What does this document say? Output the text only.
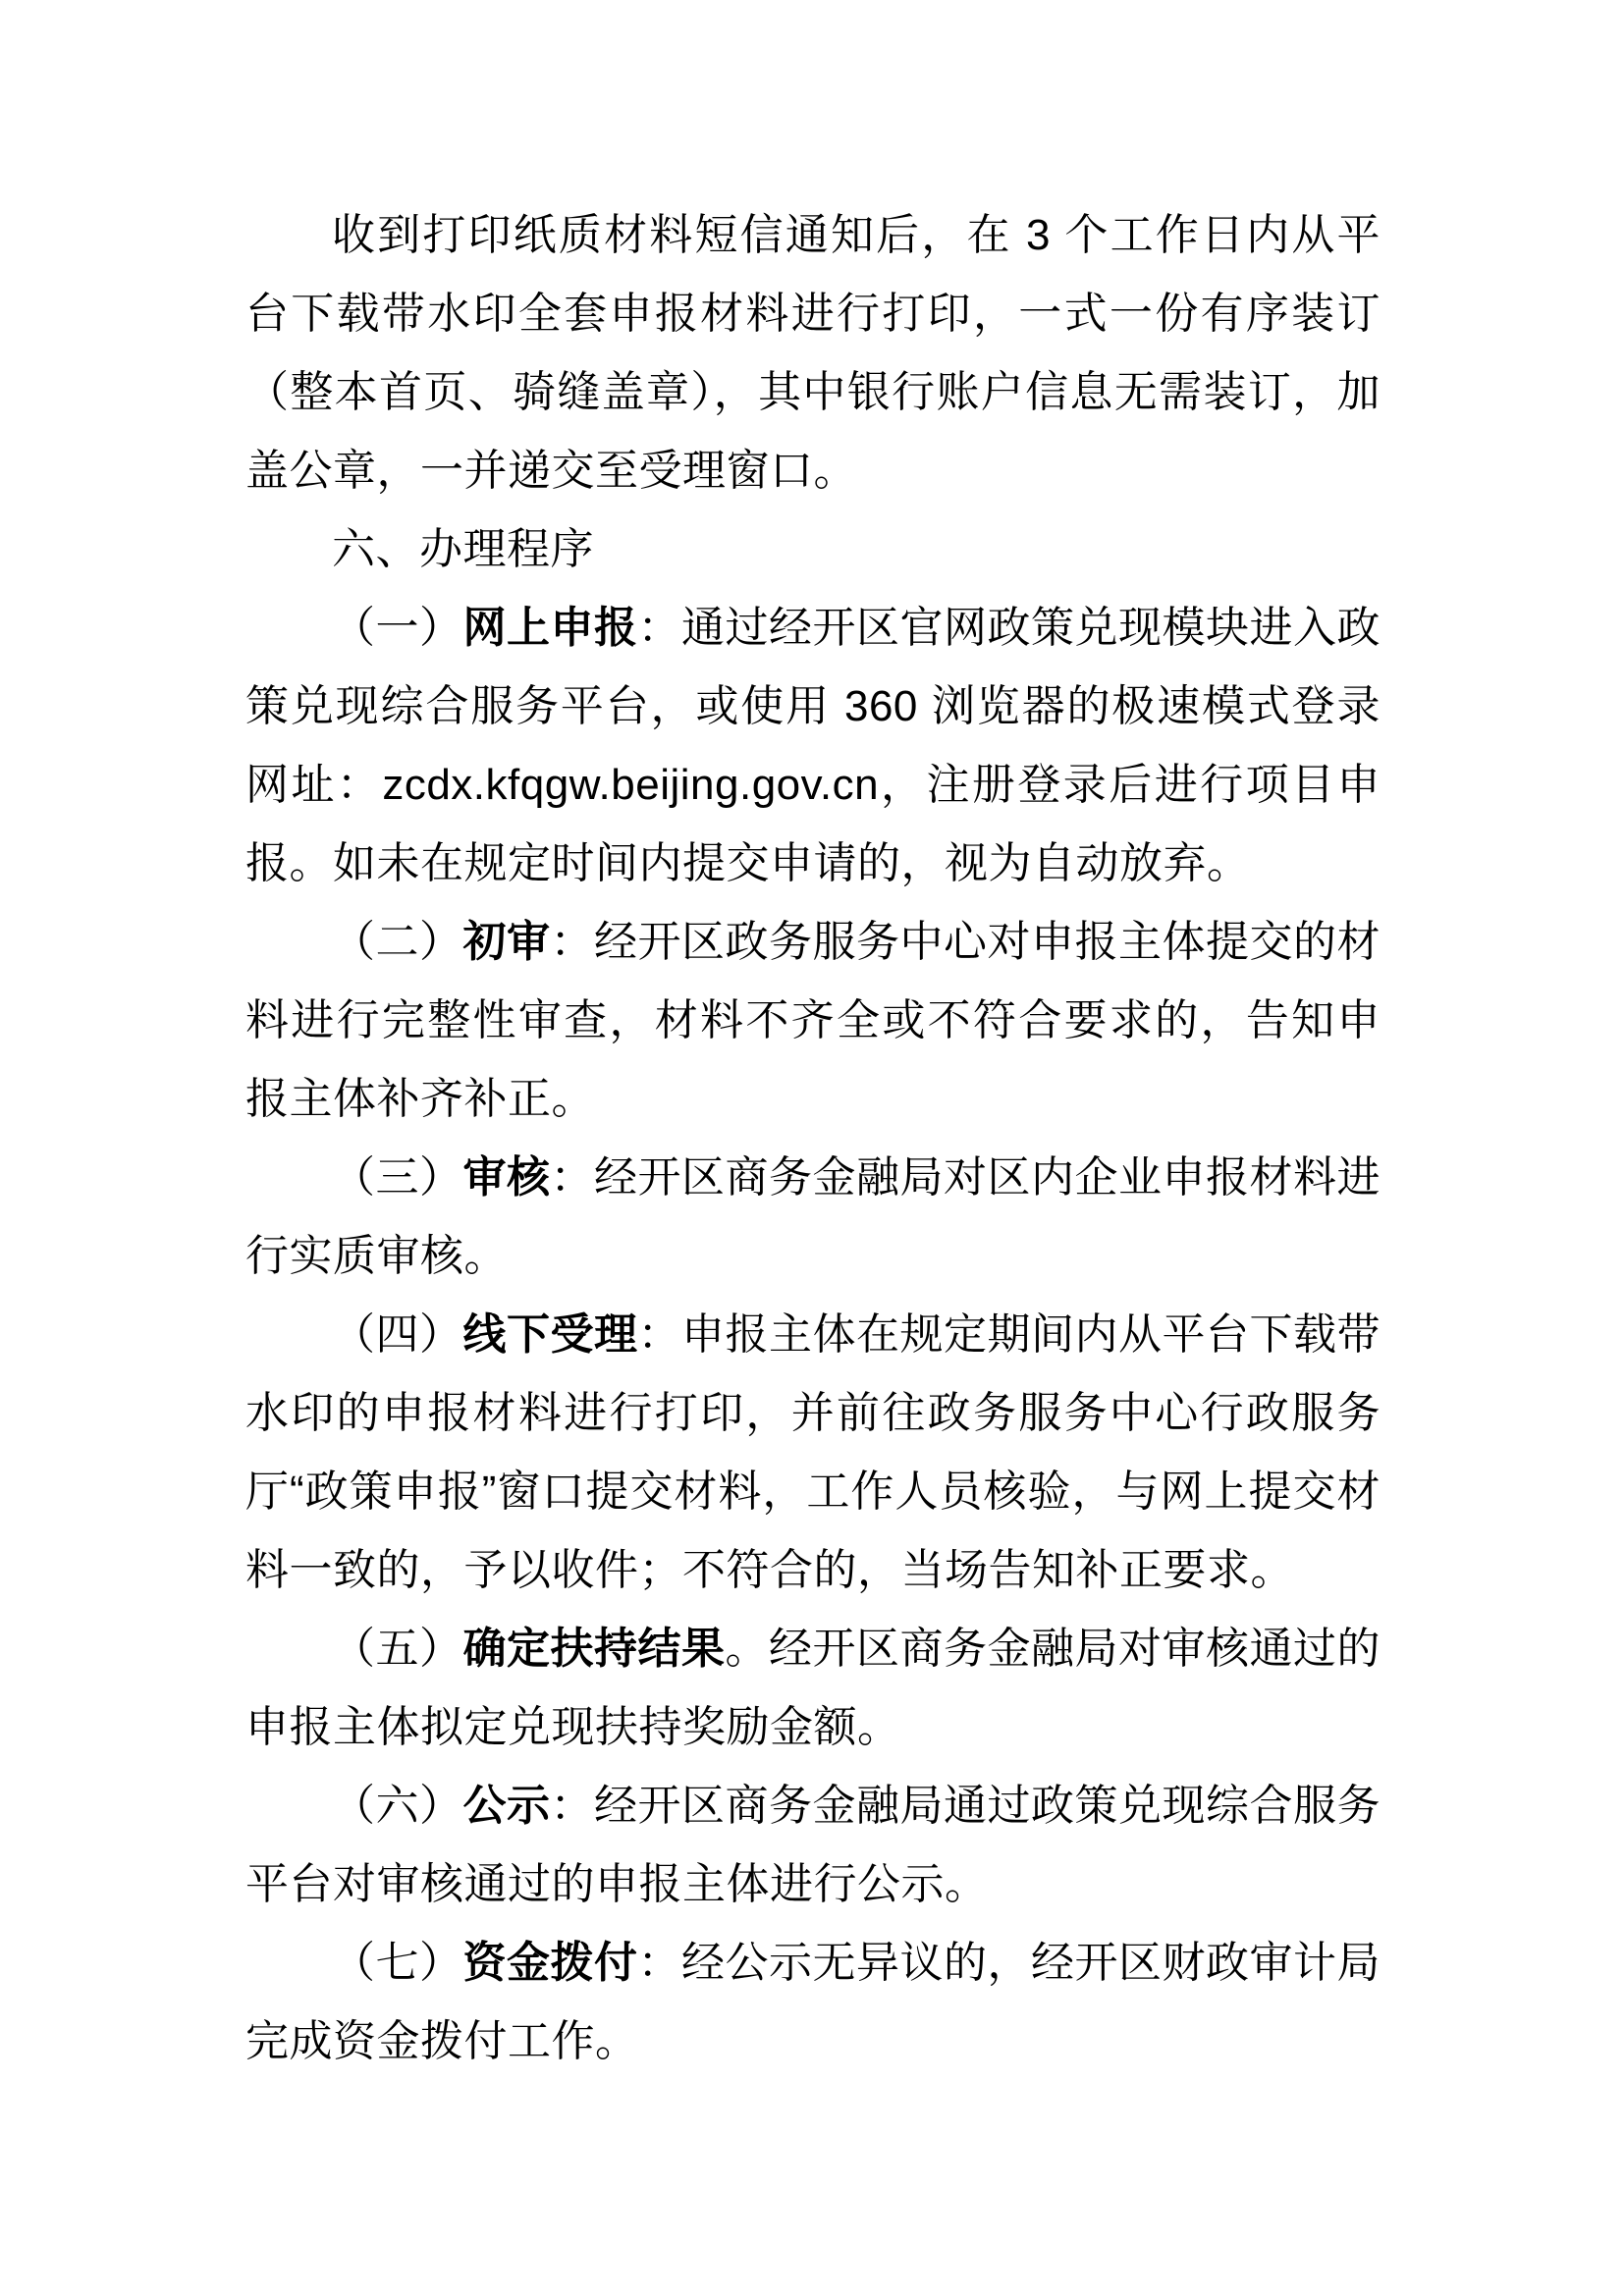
收到打印纸质材料短信通知后，在 3 个工作日内从平台下载带水印全套申报材料进行打印，一式一份有序装订（整本首页、骑缝盖章），其中银行账户信息无需装订，加盖公章，一并递交至受理窗口。

六、办理程序

（一）网上申报：通过经开区官网政策兑现模块进入政策兑现综合服务平台，或使用 360 浏览器的极速模式登录网址：zcdx.kfqgw.beijing.gov.cn，注册登录后进行项目申报。如未在规定时间内提交申请的，视为自动放弃。

（二）初审：经开区政务服务中心对申报主体提交的材料进行完整性审查，材料不齐全或不符合要求的，告知申报主体补齐补正。

（三）审核：经开区商务金融局对区内企业申报材料进行实质审核。

（四）线下受理：申报主体在规定期间内从平台下载带水印的申报材料进行打印，并前往政务服务中心行政服务厅“政策申报”窗口提交材料，工作人员核验，与网上提交材料一致的，予以收件；不符合的，当场告知补正要求。

（五）确定扶持结果。经开区商务金融局对审核通过的申报主体拟定兑现扶持奖励金额。

（六）公示：经开区商务金融局通过政策兑现综合服务平台对审核通过的申报主体进行公示。

（七）资金拨付：经公示无异议的，经开区财政审计局完成资金拨付工作。
